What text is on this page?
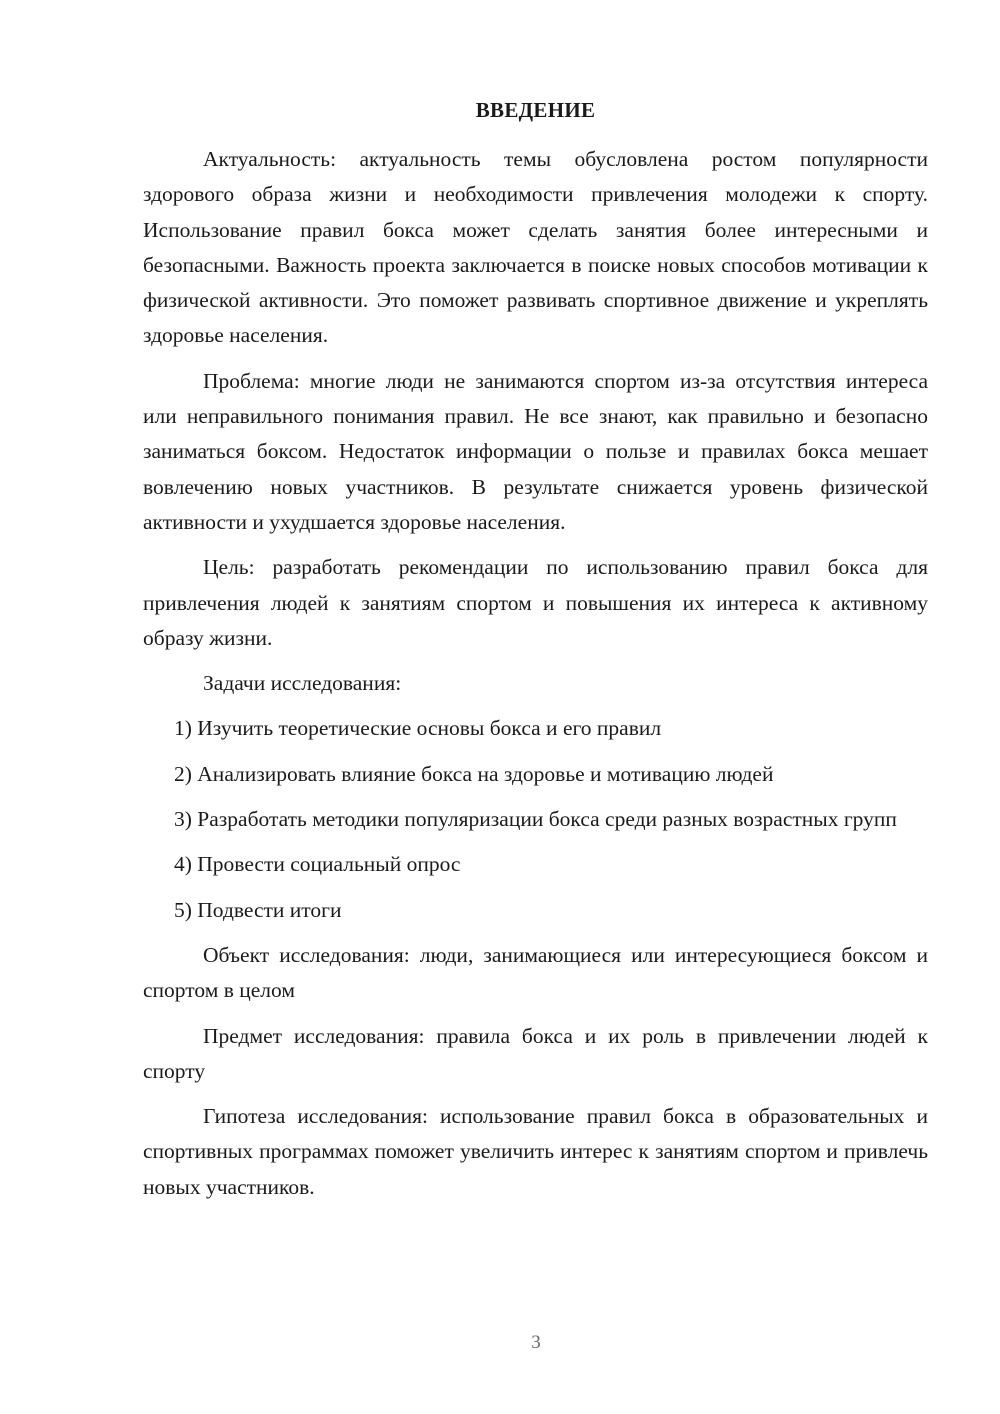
ВВЕДЕНИЕ

Актуальность: актуальность темы обусловлена ростом популярности здорового образа жизни и необходимости привлечения молодежи к спорту. Использование правил бокса может сделать занятия более интересными и безопасными. Важность проекта заключается в поиске новых способов мотивации к физической активности. Это поможет развивать спортивное движение и укреплять здоровье населения.

Проблема: многие люди не занимаются спортом из-за отсутствия интереса или неправильного понимания правил. Не все знают, как правильно и безопасно заниматься боксом. Недостаток информации о пользе и правилах бокса мешает вовлечению новых участников. В результате снижается уровень физической активности и ухудшается здоровье населения.

Цель: разработать рекомендации по использованию правил бокса для привлечения людей к занятиям спортом и повышения их интереса к активному образу жизни.

Задачи исследования:

1) Изучить теоретические основы бокса и его правил

2) Анализировать влияние бокса на здоровье и мотивацию людей

3) Разработать методики популяризации бокса среди разных возрастных групп

4) Провести социальный опрос

5) Подвести итоги

Объект исследования: люди, занимающиеся или интересующиеся боксом и спортом в целом

Предмет исследования: правила бокса и их роль в привлечении людей к спорту

Гипотеза исследования: использование правил бокса в образовательных и спортивных программах поможет увеличить интерес к занятиям спортом и привлечь новых участников.

3
